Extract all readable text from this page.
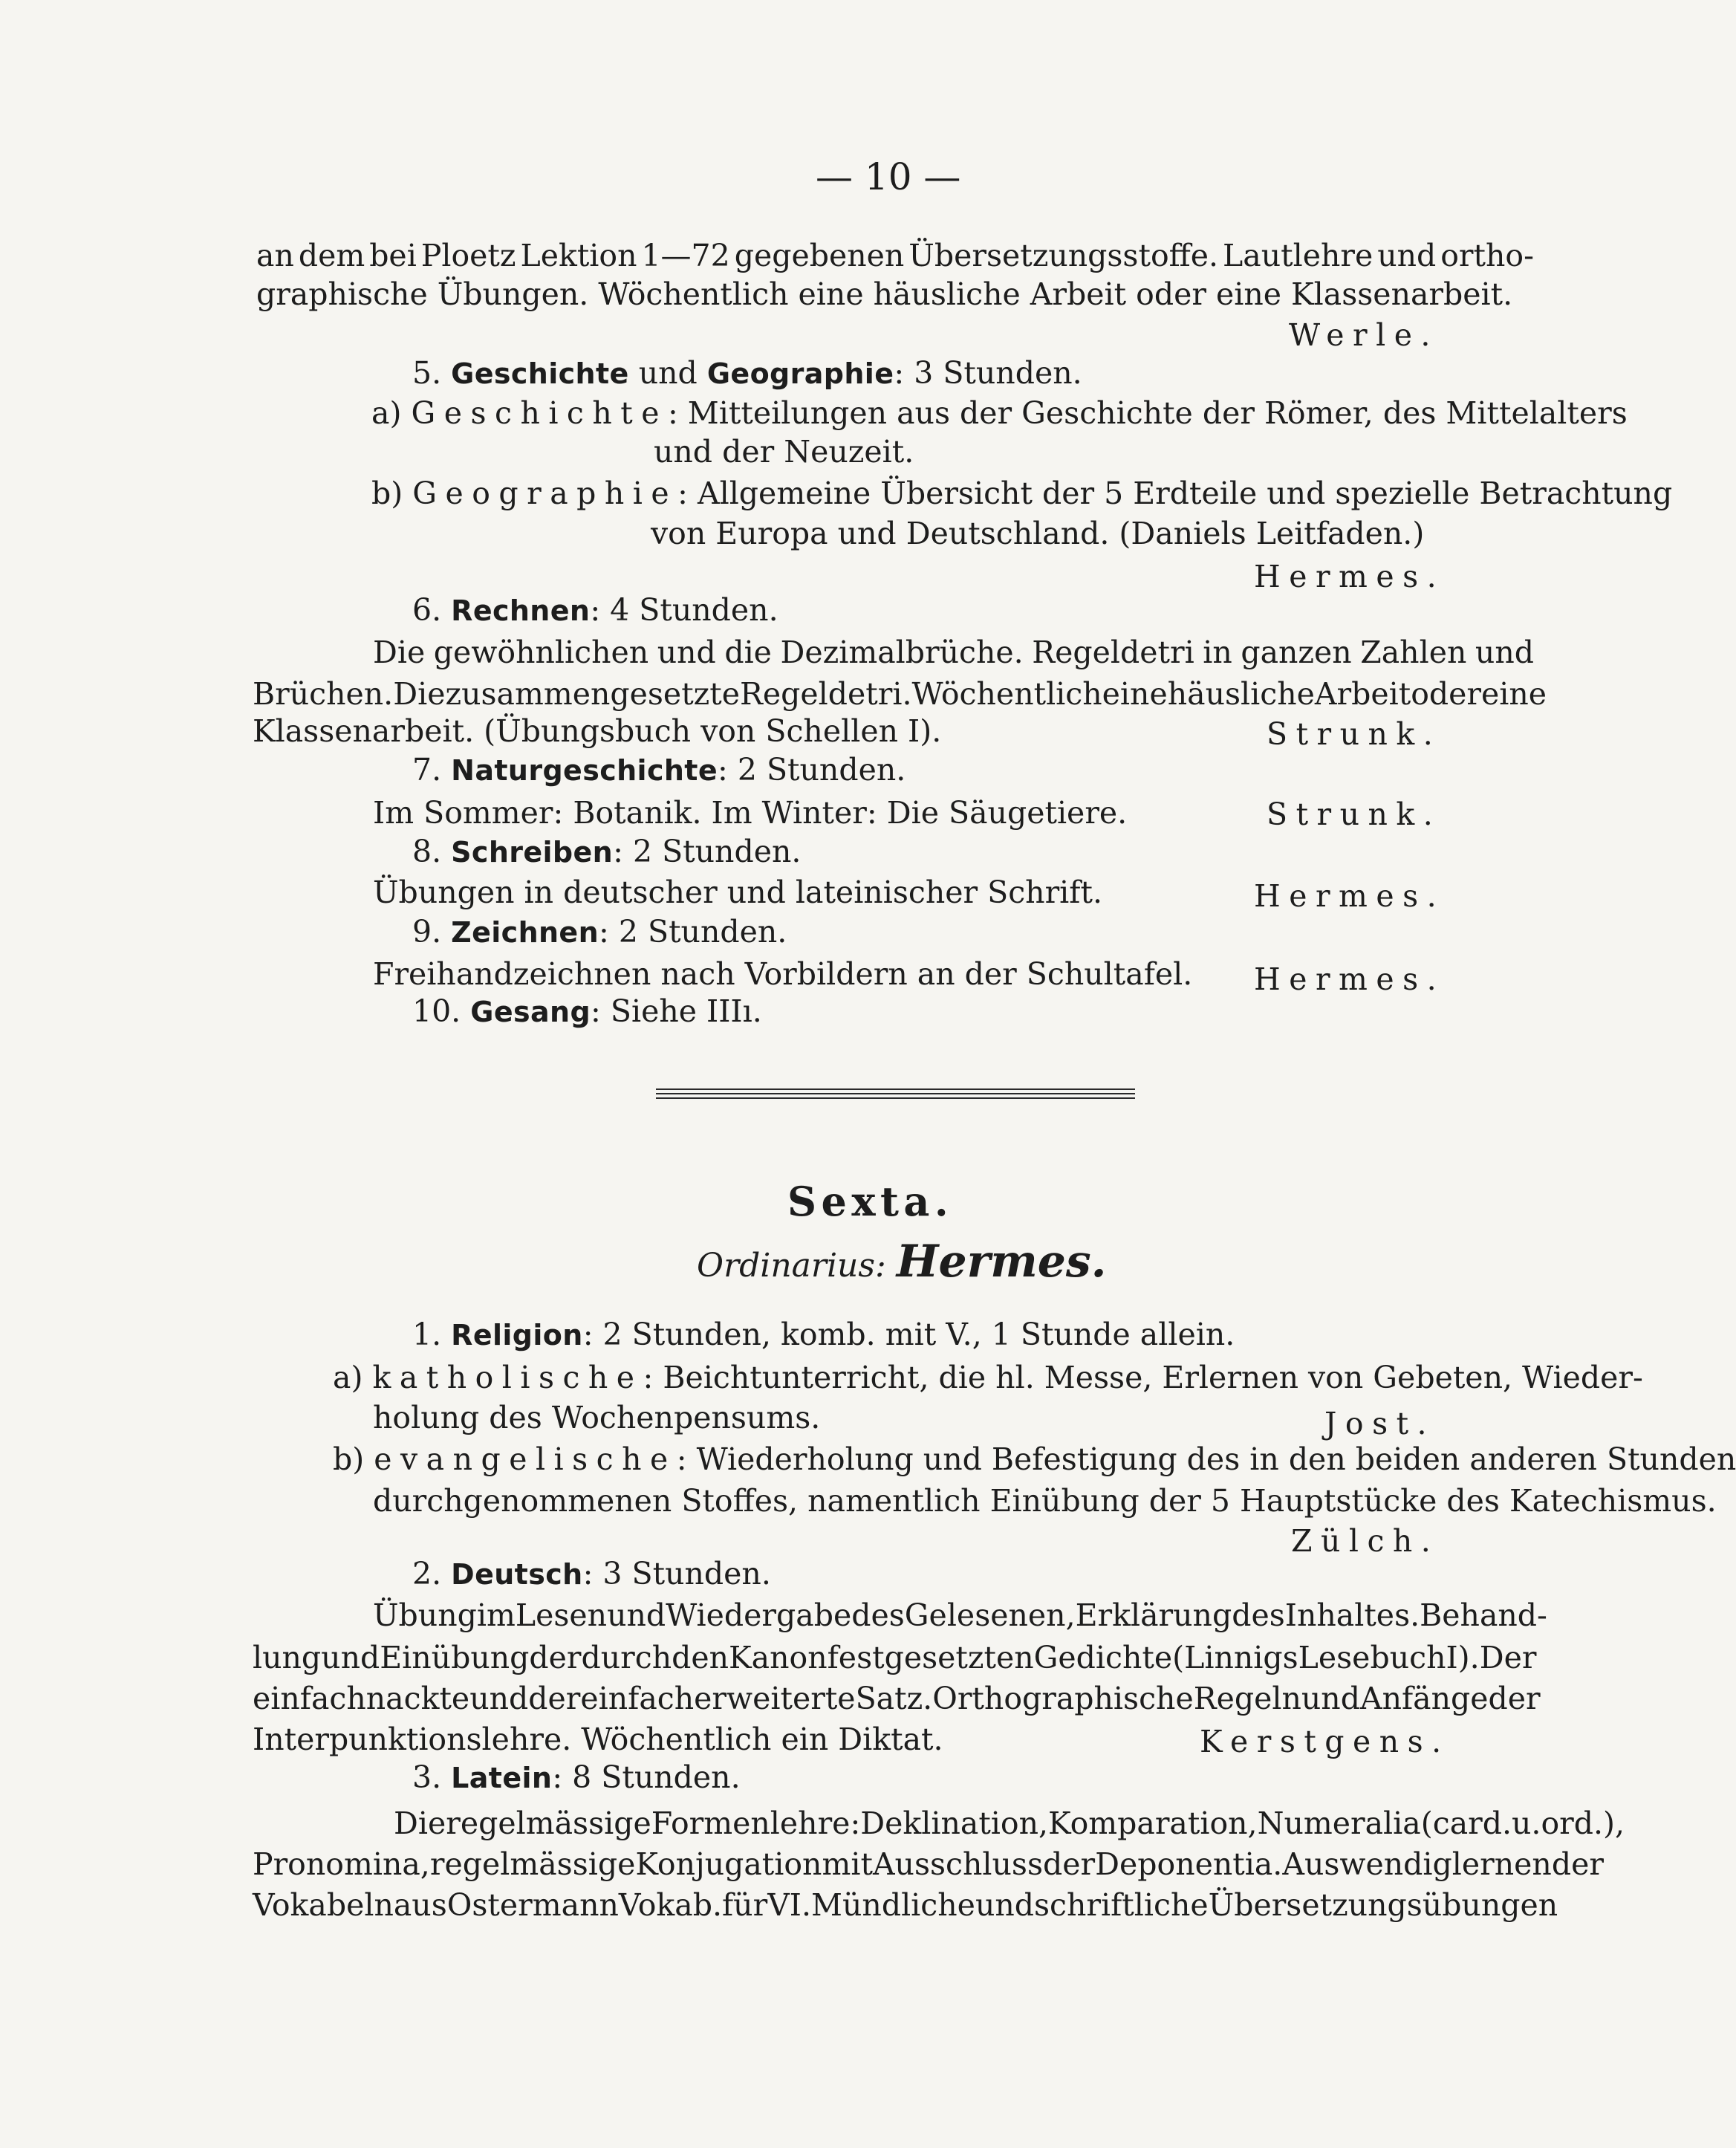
— 10 —
an dem bei Ploetz Lektion 1—72 gegebenen Übersetzungsstoffe. Lautlehre und ortho-
graphische Übungen. Wöchentlich eine häusliche Arbeit oder eine Klassenarbeit.
Werle.
5. Geschichte und Geographie: 3 Stunden.
a) Geschichte: Mitteilungen aus der Geschichte der Römer, des Mittelalters
und der Neuzeit.
b) Geographie: Allgemeine Übersicht der 5 Erdteile und spezielle Betrachtung
von Europa und Deutschland. (Daniels Leitfaden.)
Hermes.
6. Rechnen: 4 Stunden.
Die gewöhnlichen und die Dezimalbrüche. Regeldetri in ganzen Zahlen und
Brüchen. Die zusammengesetzte Regeldetri. Wöchentlich eine häusliche Arbeit oder eine
Klassenarbeit. (Übungsbuch von Schellen I).	Strunk.
7. Naturgeschichte: 2 Stunden.
Im Sommer: Botanik. Im Winter: Die Säugetiere.	Strunk.
8. Schreiben: 2 Stunden.
Übungen in deutscher und lateinischer Schrift.	Hermes.
9. Zeichnen: 2 Stunden.
Freihandzeichnen nach Vorbildern an der Schultafel. Hermes.
10. Gesang: Siehe IIIı.
Sexta.
Ordinarius: Hermes.
1. Religion: 2 Stunden, komb. mit V., 1 Stunde allein.
a) katholische: Beichtunterricht, die hl. Messe, Erlernen von Gebeten, Wieder-
holung des Wochenpensums.	Jost.
b) evangelische: Wiederholung und Befestigung des in den beiden anderen Stunden
durchgenommenen Stoffes, namentlich Einübung der 5 Hauptstücke des Katechismus.
Zülch.
2. Deutsch: 3 Stunden.
Übung im Lesen und Wiedergabe des Gelesenen, Erklärung des Inhaltes. Behand-
lung und Einübung der durch den Kanon festgesetzten Gedichte (Linnigs Lesebuch I). Der
einfach nackte und der einfach erweiterte Satz. Orthographische Regeln und Anfänge der
Interpunktionslehre. Wöchentlich ein Diktat.	Kerstgens.
3. Latein: 8 Stunden.
Die regelmässige Formenlehre: Deklination, Komparation, Numeralia (card. u. ord.),
Pronomina, regelmässige Konjugation mit Ausschluss der Deponentia. Auswendiglernen der
Vokabeln aus Ostermann Vokab. für VI. Mündliche und schriftliche Übersetzungsübungen
